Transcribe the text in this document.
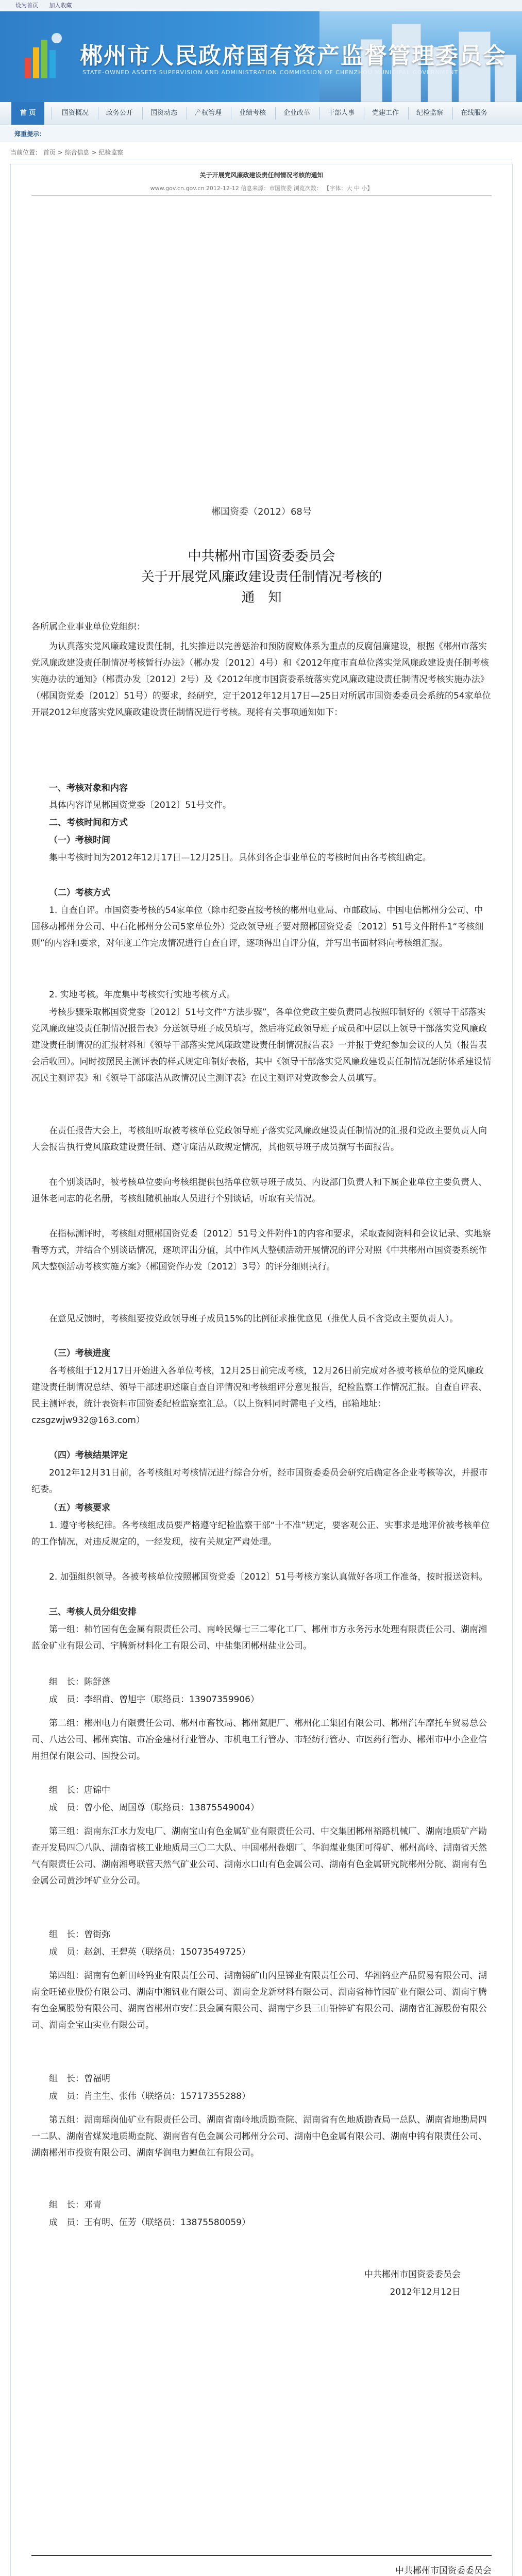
设为首页 加入收藏
郴州市人民政府国有资产监督管理委员会
STATE-OWNED ASSETS SUPERVISION AND ADMINISTRATION COMMISSION OF CHENZHOU MUNICIPAL GOVERNMENT
首 页	国资概况	政务公开	国资动态	产权管理	业绩考核	企业改革	干部人事	党建工作	纪检监察	在线服务
郑重提示：
当前位置： 首页 > 综合信息 > 纪检监察
关于开展党风廉政建设责任制情况考核的通知
www.gov.cn.gov.cn 2012-12-12 信息来源：市国资委 浏览次数： 【字体：大 中 小】
郴国资委（2012）68号
中共郴州市国资委委员会
关于开展党风廉政建设责任制情况考核的
通　知
各所属企业事业单位党组织：
为认真落实党风廉政建设责任制，扎实推进以完善惩治和预防腐败体系为重点的反腐倡廉建设，根据《郴州市落实党风廉政建设责任制情况考核暂行办法》（郴办发〔2012〕4号）和《2012年度市直单位落实党风廉政建设责任制考核实施办法的通知》（郴责办发〔2012〕2号）及《2012年度市国资委系统落实党风廉政建设责任制情况考核实施办法》（郴国资党委〔2012〕51号）的要求，经研究，定于2012年12月17日—25日对所属市国资委委员会系统的54家单位开展2012年度落实党风廉政建设责任制情况进行考核。现将有关事项通知如下：
一、考核对象和内容
具体内容详见郴国资党委〔2012〕51号文件。
二、考核时间和方式
（一）考核时间
集中考核时间为2012年12月17日—12月25日。具体到各企事业单位的考核时间由各考核组确定。
（二）考核方式
1. 自查自评。市国资委考核的54家单位（除市纪委直接考核的郴州电业局、市邮政局、中国电信郴州分公司、中国移动郴州分公司、中石化郴州分公司5家单位外）党政领导班子要对照郴国资党委〔2012〕51号文件附件1“考核细则”的内容和要求，对年度工作完成情况进行自查自评，逐项得出自评分值，并写出书面材料向考核组汇报。
2. 实地考核。年度集中考核实行实地考核方式。
考核步骤采取郴国资党委〔2012〕51号文件“方法步骤”，各单位党政主要负责同志按照印制好的《领导干部落实党风廉政建设责任制情况报告表》分送领导班子成员填写，然后将党政领导班子成员和中层以上领导干部落实党风廉政建设责任制情况的汇报材料和《领导干部落实党风廉政建设责任制情况报告表》一并报于党纪参加会议的人员（报告表会后收回）。同时按照民主测评表的样式规定印制好表格，其中《领导干部落实党风廉政建设责任制情况惩防体系建设情况民主测评表》和《领导干部廉洁从政情况民主测评表》在民主测评对党政参会人员填写。
在责任报告大会上，考核组听取被考核单位党政领导班子落实党风廉政建设责任制情况的汇报和党政主要负责人向大会报告执行党风廉政建设责任制、遵守廉洁从政规定情况，其他领导班子成员撰写书面报告。
在个别谈话时，被考核单位要向考核组提供包括单位领导班子成员、内设部门负责人和下属企业单位主要负责人、退休老同志的花名册，考核组随机抽取人员进行个别谈话，听取有关情况。
在指标测评时，考核组对照郴国资党委〔2012〕51号文件附件1的内容和要求，采取查阅资料和会议记录、实地察看等方式，并结合个别谈话情况，逐项评出分值，其中作风大整顿活动开展情况的评分对照《中共郴州市国资委系统作风大整顿活动考核实施方案》（郴国资作办发〔2012〕3号）的评分细则执行。
在意见反馈时，考核组要按党政领导班子成员15%的比例征求推优意见（推优人员不含党政主要负责人）。
（三）考核进度
各考核组于12月17日开始进入各单位考核，12月25日前完成考核，12月26日前完成对各被考核单位的党风廉政建设责任制情况总结、领导干部述职述廉自查自评情况和考核组评分意见报告，纪检监察工作情况汇报。自查自评表、民主测评表，统计表资料市国资委纪检监察室汇总。（以上资料同时需电子文档，邮箱地址：czsgzwjw932@163.com）
（四）考核结果评定
2012年12月31日前，各考核组对考核情况进行综合分析，经市国资委委员会研究后确定各企业考核等次，并报市纪委。
（五）考核要求
1. 遵守考核纪律。各考核组成员要严格遵守纪检监察干部“十不准”规定，要客观公正、实事求是地评价被考核单位的工作情况，对违反规定的，一经发现，按有关规定严肃处理。
2. 加强组织领导。各被考核单位按照郴国资党委〔2012〕51号考核方案认真做好各项工作准备，按时报送资料。
三、考核人员分组安排
第一组：柿竹园有色金属有限责任公司、南岭民爆七三二零化工厂、郴州市方永务污水处理有限责任公司、湖南湘蓝金矿业有限公司、宇腾新材料化工有限公司、中盐集团郴州盐业公司。
组　长：陈舒蓬
成　员：李绍甫、曾旭宇（联络员：13907359906）
第二组：郴州电力有限责任公司、郴州市畜牧局、郴州氮肥厂、郴州化工集团有限公司、郴州汽车摩托车贸易总公司、八达公司、郴州宾馆、市冶金建材行业管办、市机电工行管办、市轻纺行管办、市医药行管办、郴州市中小企业信用担保有限公司、国投公司。
组　长：唐锦中
成　员：曾小伦、周国尊（联络员：13875549004）
第三组：湖南东江水力发电厂、湖南宝山有色金属矿业有限责任公司、中交集团郴州裕路机械厂、湖南地质矿产勘查开发局四〇八队、湖南省核工业地质局三〇二大队、中国郴州卷烟厂、华润煤业集团可得矿、郴州高岭、湖南省天然气有限责任公司、湖南湘粤联营天然气矿业公司、湖南水口山有色金属公司、湖南有色金属研究院郴州分院、湖南有色金属公司黄沙坪矿业分公司。
组　长：曾街弥
成　员：赵剑、王碧英（联络员：15073549725）
第四组：湖南有色新田岭钨业有限责任公司、湖南锡矿山闪星锑业有限责任公司、华湘钨业产品贸易有限公司、湖南金旺铋业股份有限公司、湖南中湘钒业有限公司、湖南金龙新材料有限公司、湖南省柿竹园矿业有限公司、湖南宇腾有色金属股份有限公司、湖南省郴州市安仁县金属有限公司、湖南宁乡县三山铅锌矿有限公司、湖南省汇源股份有限公司、湖南金宝山实业有限公司。
组　长：曾福明
成　员：肖主生、张伟（联络员：15717355288）
第五组：湖南瑶岗仙矿业有限责任公司、湖南省南岭地质勘查院、湖南省有色地质勘查局一总队、湖南省地勘局四一二队、湖南省煤炭地质勘查院、湖南省有色金属公司郴州分公司、湖南中色金属有限公司、湖南中钨有限责任公司、湖南郴州市投资有限公司、湖南华润电力鲤鱼江有限公司。
组　长：邓青
成　员：王有明、伍芳（联络员：13875580059）
中共郴州市国资委委员会
2012年12月12日
中共郴州市国资委委员会
